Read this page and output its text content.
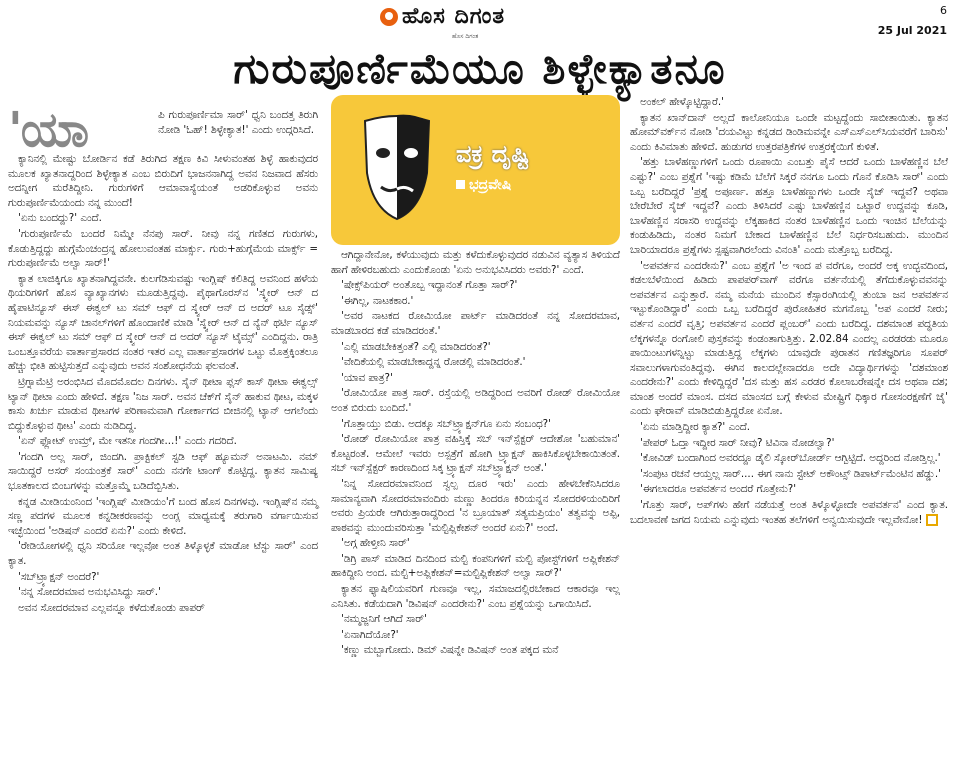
ಹೊಸ ದಿಗಂತ
ಹೊಸ ದಿಗಂತ
6
25 Jul 2021
ಗುರುಪೂರ್ಣಿಮೆಯೂ ಶಿಳ್ಳೇಕ್ಯಾತನೂ
'ಯಾ	ಪಿ ಗುರುಪೂರ್ಣಿಮಾ ಸಾರ್' ಧ್ವನಿ ಬಂದತ್ತ ತಿರುಗಿ ನೋಡಿ 'ಓಹ್! ಶಿಳ್ಳೇಕ್ಯಾತ!' ಎಂದು ಉದ್ಗರಿಸಿದೆ.

ಕ್ಯಾನಿನಲ್ಲಿ ಮೇಷ್ಟು ಬೋರ್ಡಿನ ಕಡೆ ತಿರುಗಿದ ತಕ್ಷಣ ಕಿವಿ ಸೀಳುವಂತಹ ಶಿಳ್ಳೆ ಹಾಕುವುದರ ಮೂಲಕ ಖ್ಯಾತನಾದ್ದರಿಂದ ಶಿಳ್ಳೇಕ್ಯಾತ ಎಂಬ ಬಿರುದಿಗೆ ಭಾಜನನಾಗಿದ್ದ ಅವನ ನಿಜವಾದ ಹೆಸರು ಅದನ್ನೀಗ ಮರೆತಿದ್ದೀನಿ. ಗುರುಗಳಿಗೆ ಆಮಾವಾಸ್ಯೆಯಂತೆ ಅಡರಿಕೊಳ್ಳುವ ಅವನು ಗುರುಪೂರ್ಣಿಮೆಯಂದು ನನ್ನ ಮುಂದೆ!

'ಏನು ಬಂದದ್ದು?' ಎಂದೆ.

'ಗುರುಪೂರ್ಣಿಮೆ ಬಂದರೆ ನಿಮ್ಮೇ ನೆನಪು ಸಾರ್. ನೀವು ನನ್ನ ಗಣಿತದ ಗುರುಗಳು, ಕೊಡುತ್ತಿದ್ದದ್ದು ಹುಗ್ಗೆಮೆಂಚಂದ್ರನ್ನ ಹೋಲುವಂತಹ ಮಾರ್ಕ್ಸು. ಗುರು+ಹುಗ್ಗೆಮೆಯ ಮಾರ್ಕ್ಸ್ = ಗುರುಪೂರ್ಣಿಮೆ ಅಲ್ವಾ ಸಾರ್!'

ಕ್ಯಾತ ಲಾಜಿಕ್ಕಿಗೂ ಖ್ಯಾತನಾಗಿದ್ದವನೇ. ಕುಲಗೆಡಿಸುವಷ್ಟು ಇಂಗ್ಲಿಷ್ ಕಲಿತಿದ್ದ ಅವನಿಂದ ಹಳೆಯ ಥಿಯರಿಗಳಿಗೆ ಹೊಸ ವ್ಯಾಖ್ಯಾನಗಳು ಮೂಡುತ್ತಿದ್ದವು. ಪೈಥಾಗೊರಸ್‌ನ 'ಸ್ಕ್ವೇರ್ ಆನ್ ದ ಹೈಪಾಟಿನ್ಯೂಸ್ ಈಸ್ ಈಕ್ವಲ್ ಟು ಸಮ್ ಆಫ್ ದ ಸ್ಕ್ವೇರ್ ಆನ್ ದ ಅದರ್ ಟೂ ಸೈಡ್ಸ್' ನಿಯಮವನ್ನು ನ್ಯೂಸ್ ಚಾನಲ್‌ಗಳಿಗೆ ಹೊಂದಾಣಿಕೆ ಮಾಡಿ 'ಸ್ಕ್ವೇರ್ ಆನ್ ದ ನ್ಯೆನ್ ಥರ್ಟಿ ನ್ಯೂಸ್ ಈಸ್ ಈಕ್ವಲ್ ಟು ಸಮ್ ಆಫ್ ದ ಸ್ಕ್ವೇರ್ ಆನ್ ದ ಅದರ್ ನ್ಯೂಸ್ ಟೈಮ್ಸ್' ಎಂದಿದ್ದನು. ರಾತ್ರಿ ಒಂಬತ್ತೂವರೆಯ ವಾರ್ತಾಪ್ರಸಾರದ ನಂತರ ಇತರ ಎಲ್ಲ ವಾರ್ತಾಪ್ರಸಾರಗಳ ಒಟ್ಟು ಮೊತ್ತಕ್ಕಿಂತಲೂ ಹೆಚ್ಚು ಭೀತಿ ಹುಟ್ಟಿಸುತ್ತದೆ ಎನ್ನುವುದು ಅವನ ಸಂಶೋಧನೆಯ ಫಲವಂತೆ.

ಟ್ರಿಗ್ನಾಮೆಟ್ರಿ ಅರಂಭಿಸಿದ ಮೊದಮೊದಲ ದಿನಗಳು. ಸೈನ್ ಥೀಟಾ ಪ್ಲಸ್ ಕಾಸ್ ಥೀಟಾ ಈಕ್ವಲ್ಸ್ ಟ್ಯಾನ್ ಥೀಟಾ ಎಂದು ಹೇಳಿದೆ. ತಕ್ಷಣ 'ನಿಜ ಸಾರ್. ಅವನ ಚೆಕ್‌ಗೆ ಸೈನ್ ಹಾಕುವ ಥೀಟ, ಮಕ್ಕಳ ಕಾಸು ಖರ್ಚು ಮಾಡುವ ಥೀಟಗಳ ಪರಿಣಾಮವಾಗಿ ಗೋರ್ಕಾಗದ ಬೀಜಿನಲ್ಲಿ ಟ್ಯಾನ್ ಆಗಲೆಂದು ಬಿದ್ದುಕೊಳ್ಳುವ ಥೀಟ' ಎಂದು ನುಡಿದಿದ್ದ.

'ಏನ್ ಫ್ಲೋಟ್ ಉಮ್ರ್, ಮೇ ಇತನೀ ಗಂದಗೀ...!' ಎಂದು ಗದರಿದೆ.

'ಗಂದಗಿ ಅಲ್ಲ ಸಾರ್, ಜಿಂದಗಿ. ಪ್ರಾಕ್ಟಿಕಲ್ ಸ್ಟಡಿ ಆಫ್ ಹ್ಯೂಮನ್ ಅನಾಟಮಿ. ನಮ್ ಸಾಯಿದ್ದರೆ ಅಸರ್ ಸಂಯಂತ್ರಕೆ ಸಾರ್' ಎಂದು ನನಗೇ ಟಾಂಗ್ ಕೊಟ್ಟಿದ್ದ. ಕ್ಯಾತನ ಸಾಮಿಷ್ಯ ಭೂತಕಾಲದ ಬಿಂಬಗಳನ್ನು ಮತ್ತೊಮ್ಮೆ ಬಡಿದೆಬ್ಬಿಸಿತು.

ಕನ್ನಡ ಮೀಡಿಯಂನಿಂದ 'ಇಂಗ್ಲಿಷ್ ಮೀಡಿಯಂ'ಗೆ ಬಂದ ಹೊಸ ದಿನಗಳವು. ಇಂಗ್ಲಿಷ್‌ನ ನಮ್ಮ ಸಣ್ಣ ಪದಗಳ ಮೂಲಕ ಕನ್ನಡೀಕರಣವನ್ನು ಅಂಗ್ಲ ಮಾಧ್ಯಮಕ್ಕೆ ತರುಗಾರಿ ವರ್ಗಾಯಿಸುವ ಇಚ್ಛೆಯಿಂದ 'ಅಡಿಷನ್ ಎಂದರೆ ಏನು?' ಎಂದು ಕೇಳಿದೆ.

'ರೇಡಿಯೋಗಳಲ್ಲಿ ಧ್ವನಿ ಸರಿಯೋ ಇಲ್ಲವೋ ಅಂತ ತಿಳ್ಕೊಳ್ಳಕೆ ಮಾಡೋ ಟೆಸ್ಟು ಸಾರ್' ಎಂದ ಕ್ಯಾತ.

'ಸಬ್‌ಟ್ರ್ಯಾಕ್ಷನ್ ಅಂದರೆ?'

'ನನ್ನ ಸೋದರಮಾವ ಅನುಭವಿಸಿದ್ದು ಸಾರ್.'

ಅವನ ಸೋದರಮಾವ ಎಲ್ಲವನ್ನೂ ಕಳೆದುಕೊಂಡು ಪಾಪರ್

ವಕ್ರ ದೃಷ್ಟಿ
ಭದ್ರವೇಷಿ

ಆಗಿದ್ದಾನೇನೋ, ಕಳೆಯುವುದು ಮತ್ತು ಕಳೆದುಕೊಳ್ಳುವುದರ ನಡುವಿನ ವ್ಯತ್ಯಾಸ ತಿಳಿಯದೆ ಹಾಗೆ ಹೇಳಿರಬಹುದು ಎಂದುಕೊಂಡು 'ಏನು ಅನುಭವಿಸಿದರು ಅವರು?' ಎಂದೆ.

'ಷೇಕ್ಸ್‌ಪಿಯರ್ ಅಂತೊಬ್ಬ ಇದ್ದಾನಂತೆ ಗೊತ್ತಾ ಸಾರ್?'

'ಈಗಿಲ್ಲ, ನಾಟಕಕಾರ.'

'ಅವರ ನಾಟಕದ ರೋಮಿಯೋ ಪಾರ್ಟ್ ಮಾಡಿದರಂತೆ ನನ್ನ ಸೋದರಮಾವ, ಮಾಡಬಾರದ ಕಡೆ ಮಾಡಿದರಂತೆ.'

'ಎಲ್ಲಿ ಮಾಡಬೇಕಿತ್ತಂತೆ? ಎಲ್ಲಿ ಮಾಡಿದರಂತೆ?'

'ವೇದಿಕೆಯಲ್ಲಿ ಮಾಡಬೇಕಾದ್ದನ್ನ ರೋಡಲ್ಲಿ ಮಾಡಿದರಂತೆ.'

'ಯಾವ ಪಾತ್ರ?'

'ರೋಮಿಯೋ ಪಾತ್ರ ಸಾರ್. ರಸ್ತೆಯಲ್ಲಿ ಅಡಿದ್ದರಿಂದ ಅವರಿಗೆ ರೋಡ್ ರೋಮಿಯೋ ಅಂತ ಬಿರುದು ಬಂದಿದೆ.'

'ಗೊತ್ತಾಯ್ತು ಬಿಡು. ಅದಕ್ಕೂ ಸಬ್‌ಟ್ರ್ಯಾಕ್ಷನ್‌ಗೂ ಏನು ಸಂಬಂಧ?'

'ರೋಡ್ ರೋಮಿಯೋ ಪಾತ್ರ ವಹಿಸ್ತಿಕ್ಕೆ ಸಬ್ ಇನ್‌ಸ್ಪೆಕ್ಟರ್ ಆದೇಶೋ 'ಬಹುಮಾನ' ಕೊಟ್ಟರಂತೆ. ಆಮೇಲೆ ಇವರು ಅಸ್ಪತ್ರೆಗೆ ಹೋಗಿ ಟ್ರ್ಯಾಕ್ಷನ್ ಹಾಕಿಸಿಕೊಳ್ಳಬೇಕಾಯಿತಂತೆ. ಸಬ್ ಇನ್‌ಸ್ಪೆಕ್ಟರ್ ಕಾರಣದಿಂದ ಸಿಕ್ಕ ಟ್ರ್ಯಾಕ್ಷನ್ ಸಬ್‌ಟ್ರ್ಯಾಕ್ಷನ್ ಅಂತೆ.'

'ನಿನ್ನ ಸೋದರಮಾವನಿಂದ ಸ್ವಲ್ಪ ದೂರ ಇರು' ಎಂದು ಹೇಳಬೇಕೆನಿಸಿದರೂ ಸಾಮಾನ್ಯವಾಗಿ ಸೋದರಮಾವಂದಿರು ಮಣ್ಣು ತಿಂದರೂ ಕಿರಿಯನ್ನನ ಸೋದರಳಿಯಂದಿರಿಗೆ ಅವರು ಪ್ರಿಯರೇ ಆಗಿರುತ್ತಾರಾದ್ದರಿಂದ 'ನ ಬ್ರೂಯಾತ್ ಸತ್ಯಮಪ್ರಿಯಂ' ತತ್ವವನ್ನು ಅಪ್ಪಿ, ಪಾಠವನ್ನು ಮುಂದುವರಿಸುತ್ತಾ 'ಮಲ್ಟಿಪ್ಲಿಕೇಶನ್ ಅಂದರೆ ಏನು?' ಅಂದೆ.

'ಅಗ್ಗ ಹೇಳ್ತೀನಿ ಸಾರ್'

'ಡಿಗ್ರಿ ಪಾಸ್ ಮಾಡಿದ ದಿನದಿಂದ ಮಲ್ಟಿ ಕಂಪನಿಗಳಿಗೆ ಮಲ್ಟಿ ಪೋಸ್ಟ್‌ಗಳಿಗೆ ಅಪ್ಲಿಕೇಶನ್ ಹಾಕಿದ್ದೀನಿ ಅಂದ. ಮಲ್ಟಿ+ಅಪ್ಲಿಕೇಶನ್=ಮಲ್ಟಿಪ್ಲಿಕೇಶನ್ ಅಲ್ವಾ ಸಾರ್?'

ಕ್ಯಾತನ ಫ್ಯಾಷಿಲಿಯವರಿಗೆ ಗುಣವೂ ಇಲ್ಲ, ಸಮಾಜದಲ್ಲಿರಬೇಕಾದ ಆಕಾರವೂ ಇಲ್ಲ ಎನಿಸಿತು. ಕಡೆಯದಾಗಿ 'ಡಿವಿಷನ್ ಎಂದರೇನು?' ಎಂಬ ಪ್ರಶ್ನೆಯನ್ನು ಒಗಾಯಿಸಿದೆ.

'ನಮ್ಮಜ್ಜನಿಗೆ ಆಗಿದೆ ಸಾರ್'

'ಏನಾಗಿದೆಯೋ?'

'ಕಣ್ಣು ಮಬ್ಬಾಗೋದು. ಡಿಮ್ ವಿಷನ್ನೇ ಡಿವಿಷನ್ ಅಂತ ಪಕ್ಕದ ಮನೆ

ಅಂಕಲ್ ಹೇಳ್ಕೊಟ್ಟಿದ್ದಾರೆ.'

ಕ್ಯಾತನ ಖಾನ್‌ದಾನ್ ಅಲ್ಲದೆ ಕಾಲೋನಿಯೂ ಒಂದೇ ಮಟ್ಟದ್ದೆಂದು ಸಾಬೀತಾಯಿತು. ಕ್ಯಾತನ ಹೋಮ್‌ವರ್ಕ್‌ನ ನೋಡಿ 'ದಯವಿಟ್ಟು ಕನ್ನಡದ ಡಿಂಡಿಮವನ್ನೇ ಎಸ್‌ಎಸ್‌ಎಲ್‌ಸಿಯವರೆಗೆ ಬಾರಿಸು' ಎಂದು ಕಿವಿಮಾತು ಹೇಳಿದೆ. ಹುಡುಗರ ಉತ್ತರಪತ್ರಿಕೆಗಳ ಉತ್ತರಕ್ಕೆಯಿಗೆ ಕುಳಿತೆ.

'ಹತ್ತು ಬಾಳೆಹಣ್ಣುಗಳಿಗೆ ಒಂದು ರೂಪಾಯಿ ಎಂಬತ್ತು ಪೈಸೆ ಆದರೆ ಒಂದು ಬಾಳೆಹಣ್ಣಿನ ಬೆಲೆ ಎಷ್ಟು?' ಎಂಬ ಪ್ರಶ್ನೆಗೆ 'ಇಷ್ಟು ಕಡಿಮೆ ಬೆಲೆಗೆ ಸಿಕ್ಕರೆ ನನಗೂ ಒಂದು ಗೊನೆ ಕೊಡಿಸಿ ಸಾರ್' ಎಂದು ಒಬ್ಬ ಬರೆದಿದ್ದರೆ 'ಪ್ರಶ್ನೆ ಅಪೂರ್ಣ. ಹತ್ತೂ ಬಾಳೆಹಣ್ಣುಗಳು ಒಂದೇ ಸೈಜ್ ಇದ್ದವೆ? ಅಥವಾ ಬೇರೆಬೇರೆ ಸೈಜ್ ಇದ್ದವೆ? ಎಂದು ತಿಳಿಸಿದರೆ ಎಷ್ಟು ಬಾಳೆಹಣ್ಣಿನ ಒಟ್ಟಾರೆ ಉದ್ದವನ್ನು ಕೂಡಿ, ಬಾಳೆಹಣ್ಣಿನ ಸರಾಸರಿ ಉದ್ದವನ್ನು ಲೆಕ್ಕಹಾಕಿದ ನಂತರ ಬಾಳೆಹಣ್ಣಿನ ಒಂದು ಇಂಚಿನ ಬೆಲೆಯನ್ನು ಕಂಡುಹಿಡಿದು, ನಂತರ ನಿಮಗೆ ಬೇಕಾದ ಬಾಳೆಹಣ್ಣಿನ ಬೆಲೆ ನಿರ್ಧರಿಸಬಹುದು. ಮುಂದಿನ ಬಾರಿಯಾದರೂ ಪ್ರಶ್ನೆಗಳು ಸ್ಪಷ್ಟವಾಗಿರಲೆಂದು ವಿನಂತಿ' ಎಂದು ಮತ್ತೊಬ್ಬ ಬರೆದಿದ್ದ.

'ಅಪವರ್ತನ ಎಂದರೇನು?' ಎಂಬ ಪ್ರಶ್ನೆಗೆ 'ಅ ಇಂದ ಪ ವರೆಗೂ, ಅಂದರೆ ಅಕ್ಕ ಉದ್ಭವದಿಂದ, ಕಡಲಬೆಳೆಯಿಂದ ಹಿಡಿದು ಪಾಪಪರ್‌ವಾಗ್ ವರೆಗೂ ವರ್ತನೆಯಲ್ಲಿ ತೆಗೆದುಕೊಳ್ಳುವವನನ್ನು ಅಪವರ್ತನ ಎನ್ನುತ್ತಾರೆ. ನಮ್ಮ ಮನೆಯ ಮುಂದಿನ ಕೆಸ್ಸಾರಂಗಿಯಲ್ಲಿ ತುಂಬಾ ಜನ ಅಪವರ್ತನ ಇಟ್ಟುಕೊಂಡಿದ್ದಾರೆ' ಎಂದು ಒಬ್ಬ ಬರೆದಿದ್ದರೆ ಪುರೋಹಿತರ ಮಗನೊಬ್ಬ 'ಅಪ ಎಂದರೆ ನೀರು; ವರ್ತನ ಎಂದರೆ ವೃತ್ತಿ; ಅಪವರ್ತನ ಎಂದರೆ ಪ್ಲಂಬರ್' ಎಂದು ಬರೆದಿದ್ದ. ದಶಮಾಂಶ ಪದ್ಧತಿಯ ಲೆಕ್ಕಗಳನ್ನೊ ರಂಗೋಲಿ ಪುಸ್ತಕವನ್ನು ಕಂಡಂತಾಗುತ್ತಿತ್ತು. 2.02.84 ಎಂದಲ್ಲ ಎರಡರಡು ಮೂರೂ ಪಾಯಿಂಟುಗಳನ್ನಿಟ್ಟು ಮಾಡುತ್ತಿದ್ದ ಲೆಕ್ಕಗಳು ಯಾವುದೇ ಪುರಾತನ ಗಣಿತಜ್ಞರಿಗೂ ಸೂಪರ್ ಸವಾಲುಗಳಾಗುವಂತಿದ್ದವು. ಈಗಿನ ಕಾಲದಲ್ಲೇನಾದರೂ ಅದೇ ವಿದ್ಯಾರ್ಥಿಗಳನ್ನು 'ದಶಮಾಂಶ ಎಂದರೇನು?' ಎಂದು ಕೇಳಿದ್ದಿದ್ದರೆ 'ದಸ ಮತ್ತು ಹಸ ಎರಡರ ಕೊಲಾಬರೇಷನ್ನೇ ದಸ ಅಥವಾ ದಶ; ಮಾಂಶ ಅಂದರೆ ಮಾಂಸ. ದಸದ ಮಾಂಸದ ಬಗ್ಗೆ ಕೇಳುವ ಮೇಷ್ಟ್ರಿಗೆ ಧಿಕ್ಕಾರ ಗೋಸಂರಕ್ಷಣೆಗೆ ಜೈ' ಎಂದು ಘೇರಾವ್ ಮಾಡಿಬಿಡುತ್ತಿದ್ದರೋ ಏನೋ.

'ಏನು ಮಾಡ್ತಿದ್ದೀರ ಕ್ಯಾತ?' ಎಂದೆ.

'ಪೇಪರ್ ಓದ್ತಾ ಇದ್ದೀರ ಸಾರ್ ನೀವು? ಟಿವಿನಾ ನೋಡಲ್ವಾ?'

'ಕೋವಿಡ್ ಬಂದಾಗಿಂದ ಅವರದ್ದೂ ಡೈಲಿ ಸ್ಕೋರ್‌ಬೋರ್ಡ್ ಆಗ್ಬಿಟ್ಟಿದೆ. ಅದ್ದರಿಂದ ನೋಡ್ತಿಲ್ಲ.'

'ಸಂಪುಟ ರಚನೆ ಆಯ್ತಲ್ಲ ಸಾರ್.... ಈಗ ನಾನು ಸ್ಟೇಟ್ ಅಕೌಂಟ್ಸ್ ಡಿಪಾರ್ಟ್‌ಮೆಂಟಿನ ಹೆಡ್ಡು.'

'ಈಗಲಾದರೂ ಅಪವರ್ತನ ಅಂದರೆ ಗೊತ್ತೇನು?'

'ಗೊತ್ತು ಸಾರ್, ಅಪ್‌ಗಳು ಹೇಗೆ ನಡೆಯತ್ತೆ ಅಂತ ತಿಳ್ಕೊಳ್ಳೋದೇ ಅಪವರ್ತನ' ಎಂದ ಕ್ಯಾತ. ಬದಲಾವಣೆ ಜಗದ ನಿಯಮ ಎನ್ನುವುದು ಇಂತಹ ತಲೆಗಳಿಗೆ ಅನ್ವಯಿಸುವುದೇ ಇಲ್ಲವೇನೋ!
